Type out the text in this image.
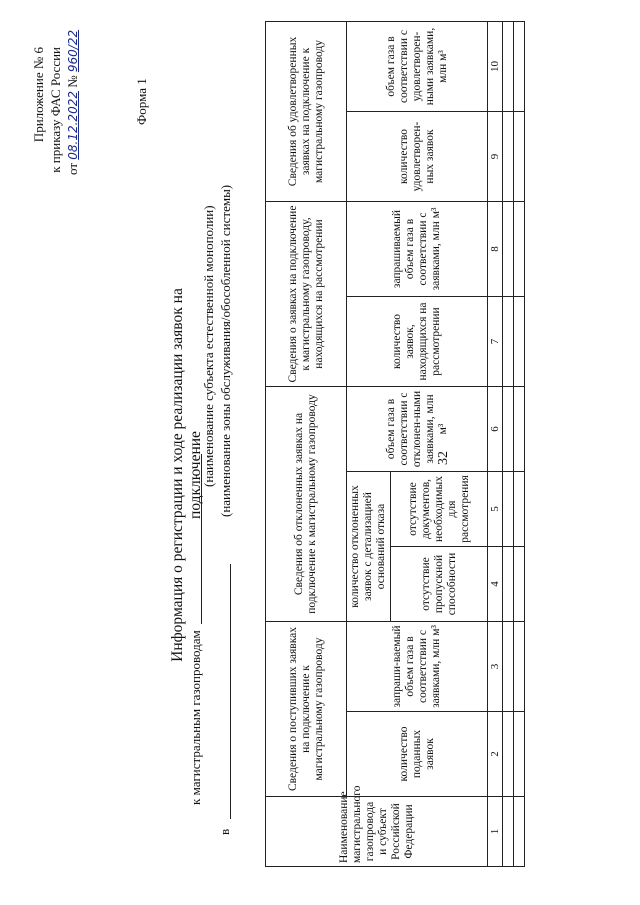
32
Приложение № 6 к приказу ФАС России от 08.12.2022 № 960/22
Форма 1
Информация о регистрации и ходе реализации заявок на подключение
к магистральным газопроводам
(наименование субъекта естественной монополии)
в
(наименование зоны обслуживания/обособленной системы)
Наименование магистрального газопровода и субъект Российской Федерации	Сведения о поступивших заявках на подключение к магистральному газопроводу		Сведения об отклоненных заявках на подключение к магистральному газопроводу			Сведения о заявках на подключение к магистральному газопроводу, находящихся на рассмотрении		Сведения об удовлетворенных заявках на подключение к магистральному газопроводу	
	количество поданных заявок	запраши-ваемый объем газа в соответствии с заявками, млн м³	количество отклоненных заявок с детализацией оснований отказа		объем газа в соответствии с отклонен-ными заявками, млн м³	количество заявок, находящихся на рассмотрении	запрашиваемый объем газа в соответствии с заявками, млн м³	количество удовлетворен-ных заявок	объем газа в соответствии с удовлетворен-ными заявками, млн м³
			отсутствие пропускной способности	отсутствие документов, необходимых для рассмотрения					
1	2	3	4	5	6	7	8	9	10
